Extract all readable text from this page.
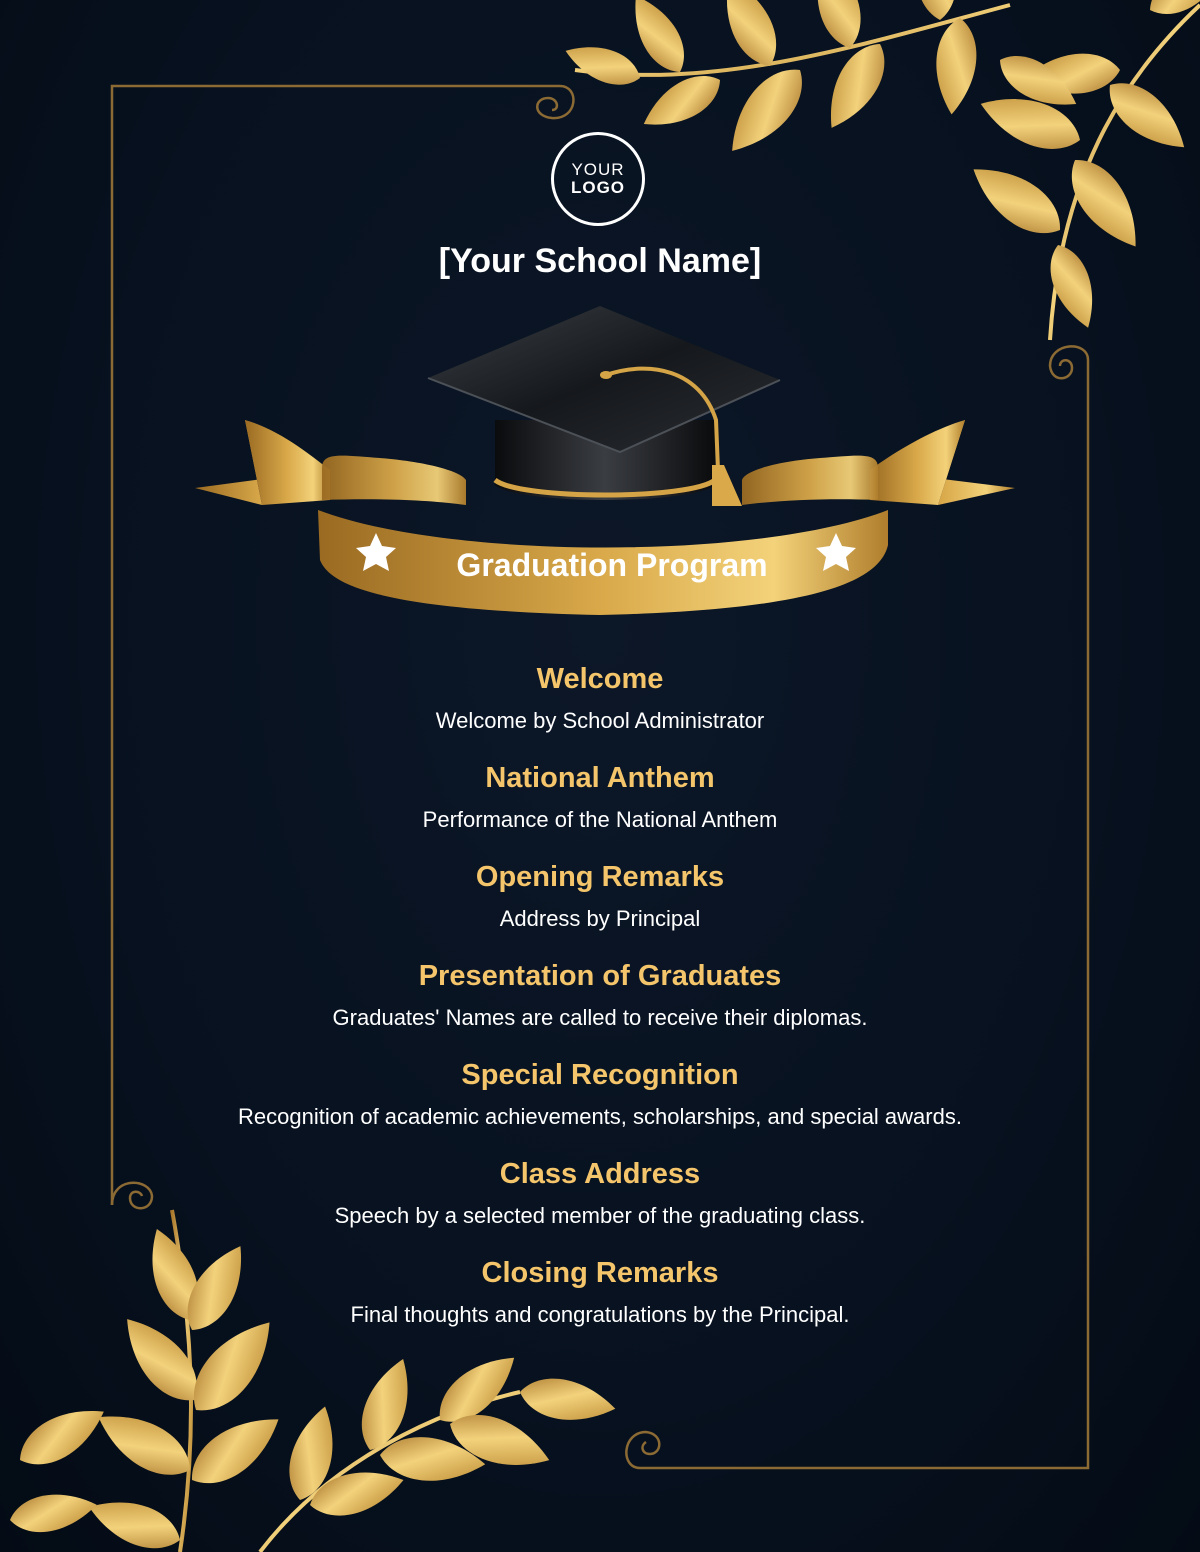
YOUR
LOGO
[Your School Name]
Graduation Program
Welcome

Welcome by School Administrator

National Anthem

Performance of the National Anthem

Opening Remarks

Address by Principal

Presentation of Graduates

Graduates' Names are called to receive their diplomas.

Special Recognition

Recognition of academic achievements, scholarships, and special awards.

Class Address

Speech by a selected member of the graduating class.

Closing Remarks

Final thoughts and congratulations by the Principal.
